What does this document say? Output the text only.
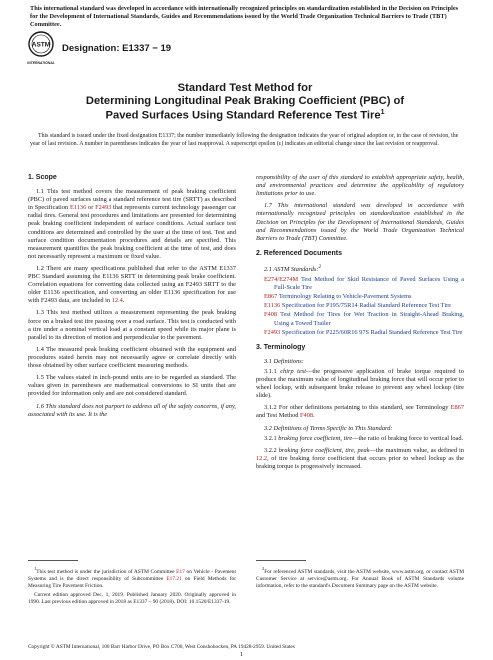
This international standard was developed in accordance with internationally recognized principles on standardization established in the Decision on Principles for the Development of International Standards, Guides and Recommendations issued by the World Trade Organization Technical Barriers to Trade (TBT) Committee.
ASTM
INTERNATIONAL
Designation: E1337 − 19
Standard Test Method for
Determining Longitudinal Peak Braking Coefficient (PBC) of
Paved Surfaces Using Standard Reference Test Tire$^1$
This standard is issued under the fixed designation E1337; the number immediately following the designation indicates the year of original adoption or, in the case of revision, the year of last revision. A number in parentheses indicates the year of last reapproval. A superscript epsilon (ε) indicates an editorial change since the last revision or reapproval.
1. Scope

1.1 This test method covers the measurement of peak braking coefficient (PBC) of paved surfaces using a standard reference test tire (SRTT) as described in Specification E1136 or F2493 that represents current technology passenger car radial tires. General test procedures and limitations are presented for determining peak braking coefficient independent of surface conditions. Actual surface test conditions are determined and controlled by the user at the time of test. Test and surface condition documentation procedures and details are specified. This measurement quantifies the peak braking coefficient at the time of test, and does not necessarily represent a maximum or fixed value.

1.2 There are many specifications published that refer to the ASTM E1337 PBC Standard assuming the E1136 SRTT in determining peak brake coefficient. Correlation equations for converting data collected using an F2493 SRTT to the older E1136 specification, and converting an older E1136 specification for use with F2493 data, are included in 12.4.

1.3 This test method utilizes a measurement representing the peak braking force on a braked test tire passing over a road surface. This test is conducted with a tire under a nominal vertical load at a constant speed while its major plane is parallel to its direction of motion and perpendicular to the pavement.

1.4 The measured peak braking coefficient obtained with the equipment and procedures stated herein may not necessarily agree or correlate directly with those obtained by other surface coefficient measuring methods.

1.5 The values stated in inch-pound units are to be regarded as standard. The values given in parentheses are mathematical conversions to SI units that are provided for information only and are not considered standard.

1.6 This standard does not purport to address all of the safety concerns, if any, associated with its use. It is the

responsibility of the user of this standard to establish appropriate safety, health, and environmental practices and determine the applicability of regulatory limitations prior to use.

1.7 This international standard was developed in accordance with internationally recognized principles on standardization established in the Decision on Principles for the Development of International Standards, Guides and Recommendations issued by the World Trade Organization Technical Barriers to Trade (TBT) Committee.

2. Referenced Documents
2.1 ASTM Standards:$^2$
E274/E274M Test Method for Skid Resistance of Paved Surfaces Using a Full-Scale Tire
E867 Terminology Relating to Vehicle-Pavement Systems
E1136 Specification for P195/75R14 Radial Standard Reference Test Tire
F408 Test Method for Tires for Wet Traction in Straight-Ahead Braking, Using a Towed Trailer
F2493 Specification for P225/60R16 97S Radial Standard Reference Test Tire
3. Terminology
3.1 Definitions:

3.1.1 chirp test—the progressive application of brake torque required to produce the maximum value of longitudinal braking force that will occur prior to wheel lockup, with subsequent brake release to prevent any wheel lockup (tire slide).

3.1.2 For other definitions pertaining to this standard, see Terminology E867 and Test Method F408.

3.2 Definitions of Terms Specific to This Standard:

3.2.1 braking force coefficient, tire—the ratio of braking force to vertical load.

3.2.2 braking force coefficient, tire, peak—the maximum value, as defined in 12.2, of tire braking force coefficient that occurs prior to wheel lockup as the braking torque is progressively increased.

$^1$This test method is under the jurisdiction of ASTM Committee E17 on Vehicle - Pavement Systems and is the direct responsibility of Subcommittee E17.21 on Field Methods for Measuring Tire Pavement Friction.

Current edition approved Dec. 1, 2019. Published January 2020. Originally approved in 1990. Last previous edition approved in 2018 as E1337 – 90 (2018). DOI: 10.1520/E1337-19.

$^2$For referenced ASTM standards, visit the ASTM website, www.astm.org, or contact ASTM Customer Service at service@astm.org. For Annual Book of ASTM Standards volume information, refer to the standard's Document Summary page on the ASTM website.

Copyright © ASTM International, 100 Barr Harbor Drive, PO Box C700, West Conshohocken, PA 19428-2959. United States
1
